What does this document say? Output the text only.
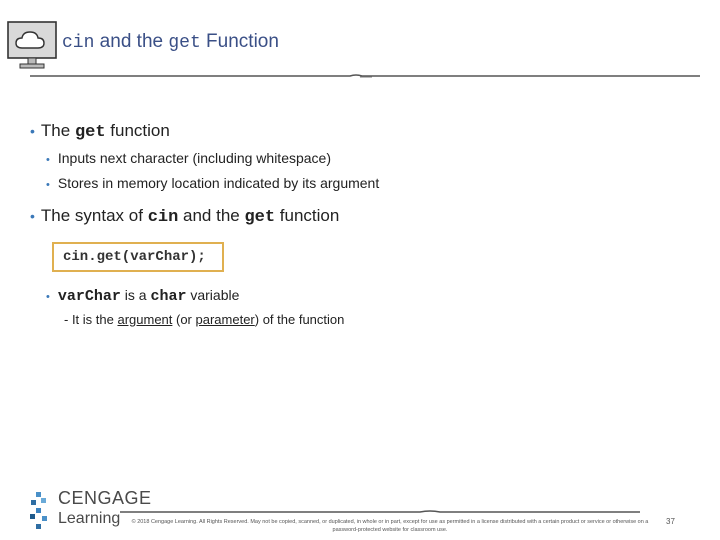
cin and the get Function
• The get function
• Inputs next character (including whitespace)
• Stores in memory location indicated by its argument
• The syntax of cin and the get function
cin.get(varChar);
• varChar is a char variable
- It is the argument (or parameter) of the function
CENGAGE
Learning © 2018 Cengage Learning. All Rights Reserved. May not be copied, scanned, or duplicated, in whole or in part, except for use as permitted in a license distributed with a certain product or service or otherwise on a password-protected website for classroom use.
37
